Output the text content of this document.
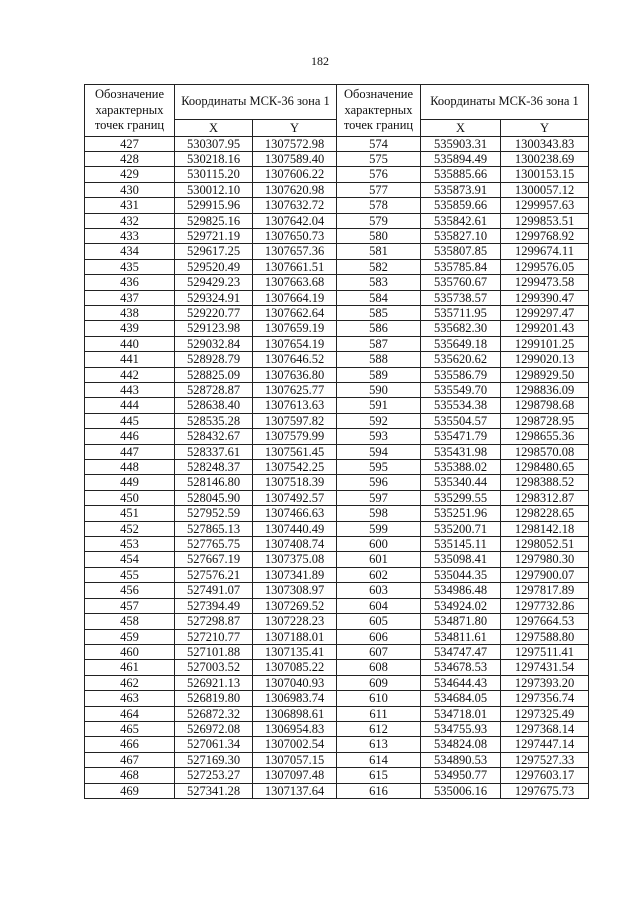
182
Обозначение характерных точек границ	Координаты МСК-36 зона 1		Обозначение характерных точек границ	Координаты МСК-36 зона 1	
	X	Y		X	Y
427	530307.95	1307572.98	574	535903.31	1300343.83
428	530218.16	1307589.40	575	535894.49	1300238.69
429	530115.20	1307606.22	576	535885.66	1300153.15
430	530012.10	1307620.98	577	535873.91	1300057.12
431	529915.96	1307632.72	578	535859.66	1299957.63
432	529825.16	1307642.04	579	535842.61	1299853.51
433	529721.19	1307650.73	580	535827.10	1299768.92
434	529617.25	1307657.36	581	535807.85	1299674.11
435	529520.49	1307661.51	582	535785.84	1299576.05
436	529429.23	1307663.68	583	535760.67	1299473.58
437	529324.91	1307664.19	584	535738.57	1299390.47
438	529220.77	1307662.64	585	535711.95	1299297.47
439	529123.98	1307659.19	586	535682.30	1299201.43
440	529032.84	1307654.19	587	535649.18	1299101.25
441	528928.79	1307646.52	588	535620.62	1299020.13
442	528825.09	1307636.80	589	535586.79	1298929.50
443	528728.87	1307625.77	590	535549.70	1298836.09
444	528638.40	1307613.63	591	535534.38	1298798.68
445	528535.28	1307597.82	592	535504.57	1298728.95
446	528432.67	1307579.99	593	535471.79	1298655.36
447	528337.61	1307561.45	594	535431.98	1298570.08
448	528248.37	1307542.25	595	535388.02	1298480.65
449	528146.80	1307518.39	596	535340.44	1298388.52
450	528045.90	1307492.57	597	535299.55	1298312.87
451	527952.59	1307466.63	598	535251.96	1298228.65
452	527865.13	1307440.49	599	535200.71	1298142.18
453	527765.75	1307408.74	600	535145.11	1298052.51
454	527667.19	1307375.08	601	535098.41	1297980.30
455	527576.21	1307341.89	602	535044.35	1297900.07
456	527491.07	1307308.97	603	534986.48	1297817.89
457	527394.49	1307269.52	604	534924.02	1297732.86
458	527298.87	1307228.23	605	534871.80	1297664.53
459	527210.77	1307188.01	606	534811.61	1297588.80
460	527101.88	1307135.41	607	534747.47	1297511.41
461	527003.52	1307085.22	608	534678.53	1297431.54
462	526921.13	1307040.93	609	534644.43	1297393.20
463	526819.80	1306983.74	610	534684.05	1297356.74
464	526872.32	1306898.61	611	534718.01	1297325.49
465	526972.08	1306954.83	612	534755.93	1297368.14
466	527061.34	1307002.54	613	534824.08	1297447.14
467	527169.30	1307057.15	614	534890.53	1297527.33
468	527253.27	1307097.48	615	534950.77	1297603.17
469	527341.28	1307137.64	616	535006.16	1297675.73
